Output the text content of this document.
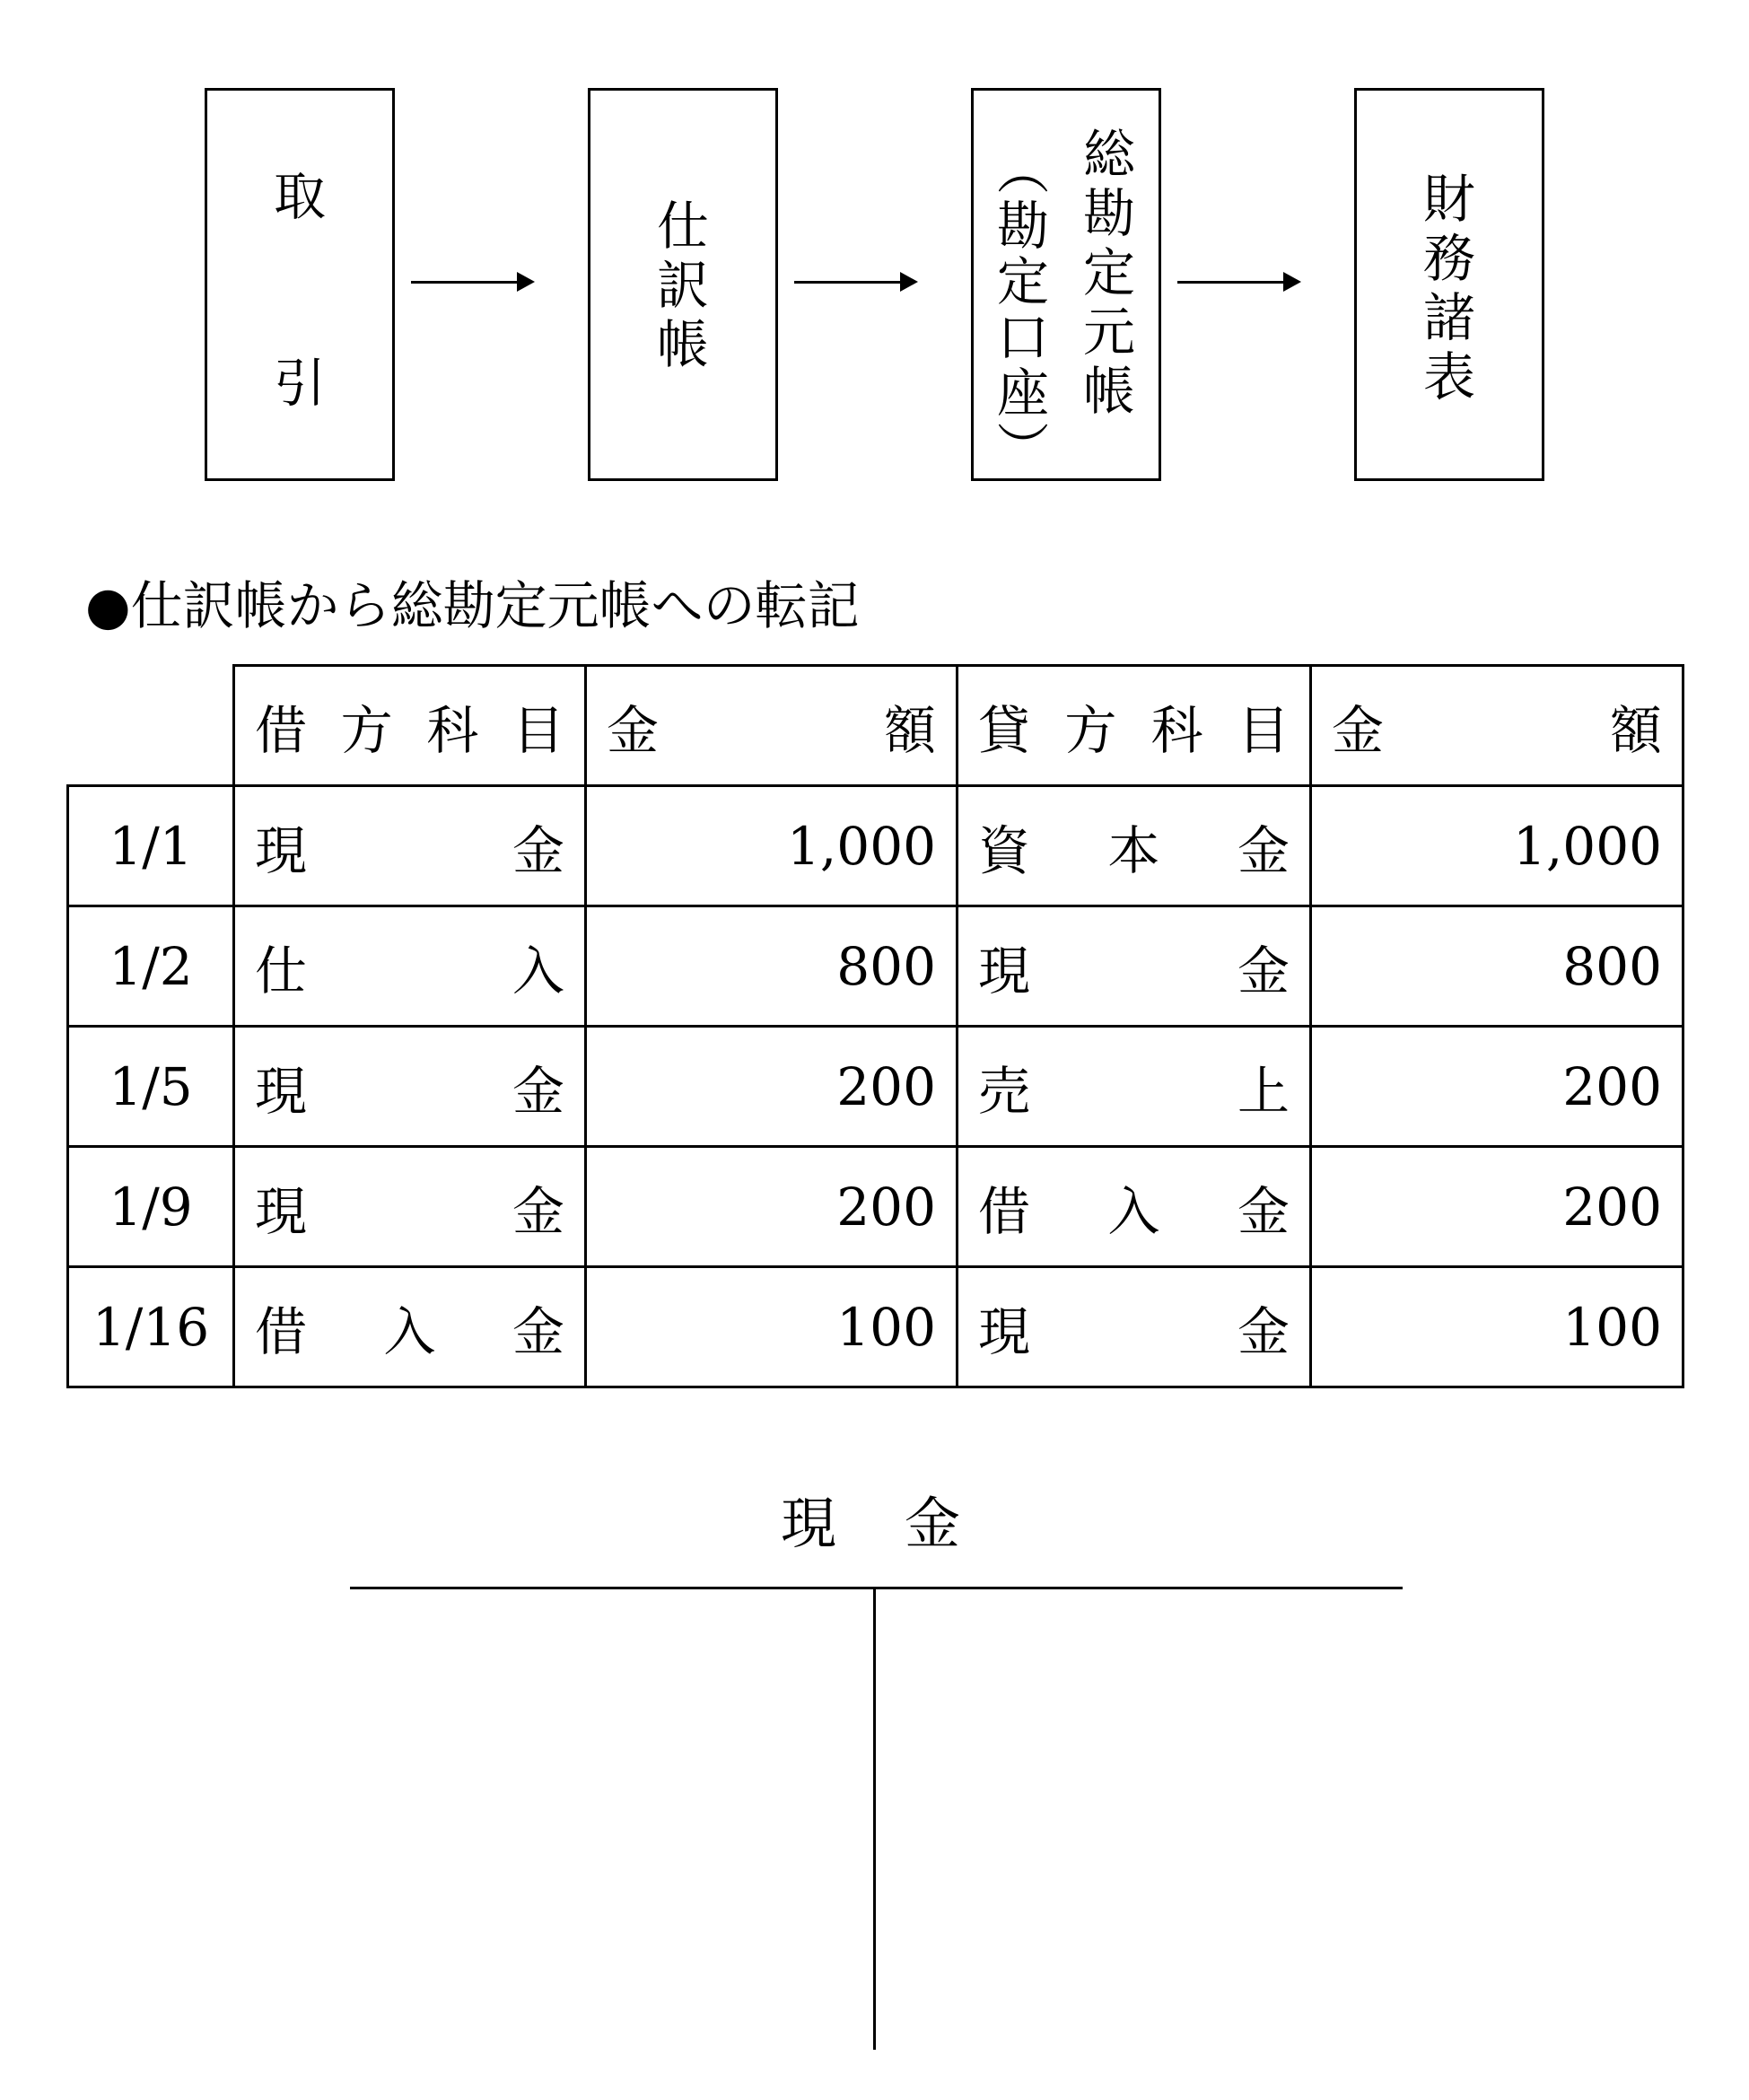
取
引
仕
訳
帳
総
勘
定
元
帳
︵
勘
定
口
座
︶
財
務
諸
表
●仕訳帳から総勘定元帳への転記

	借 方 科 目	金 額	貸 方 科 目	金 額

1/1	現 金	1,000	資 本 金	1,000
1/2	仕 入	800	現 金	800
1/5	現 金	200	売 上	200
1/9	現 金	200	借 入 金	200
1/16	借 入 金	100	現 金	100
現 金
